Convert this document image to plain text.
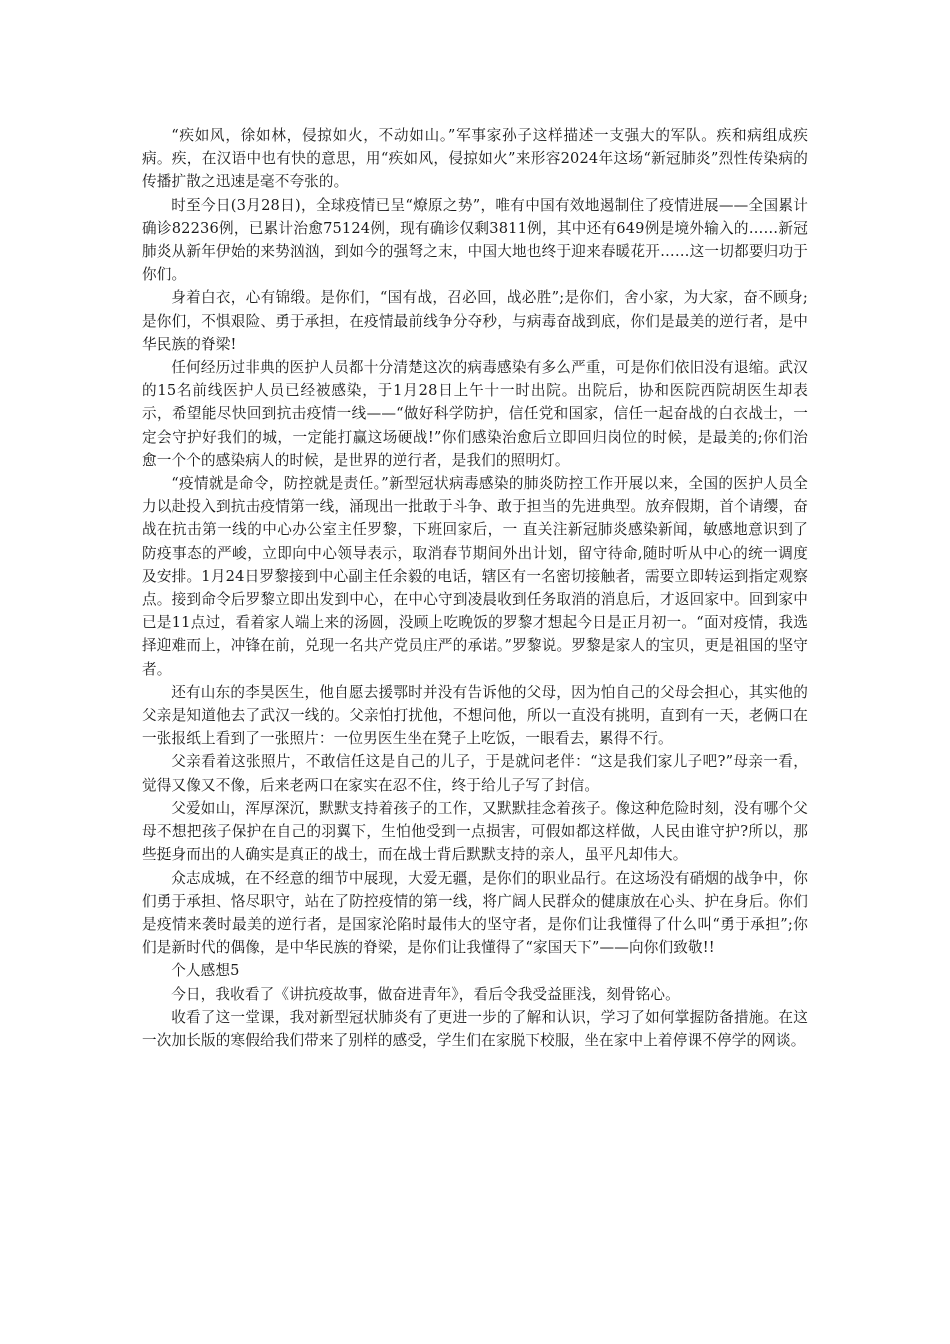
“疾如风，徐如林，侵掠如火，不动如山。”军事家孙子这样描述一支强大的军队。疾和病组成疾病。疾，在汉语中也有快的意思，用“疾如风，侵掠如火”来形容2024年这场“新冠肺炎”烈性传染病的传播扩散之迅速是毫不夸张的。

时至今日(3月28日)，全球疫情已呈“燎原之势”，唯有中国有效地遏制住了疫情进展——全国累计确诊82236例，已累计治愈75124例，现有确诊仅剩3811例，其中还有649例是境外输入的……新冠肺炎从新年伊始的来势汹汹，到如今的强弩之末，中国大地也终于迎来春暖花开……这一切都要归功于你们。

身着白衣，心有锦缎。是你们，“国有战，召必回，战必胜”;是你们，舍小家，为大家，奋不顾身;是你们，不惧艰险、勇于承担，在疫情最前线争分夺秒，与病毒奋战到底，你们是最美的逆行者，是中华民族的脊梁!

任何经历过非典的医护人员都十分清楚这次的病毒感染有多么严重，可是你们依旧没有退缩。武汉的15名前线医护人员已经被感染，于1月28日上午十一时出院。出院后，协和医院西院胡医生却表示，希望能尽快回到抗击疫情一线——“做好科学防护，信任党和国家，信任一起奋战的白衣战士，一定会守护好我们的城，一定能打赢这场硬战!”你们感染治愈后立即回归岗位的时候，是最美的;你们治愈一个个的感染病人的时候，是世界的逆行者，是我们的照明灯。

“疫情就是命令，防控就是责任。”新型冠状病毒感染的肺炎防控工作开展以来，全国的医护人员全力以赴投入到抗击疫情第一线，涌现出一批敢于斗争、敢于担当的先进典型。放弃假期，首个请缨，奋战在抗击第一线的中心办公室主任罗黎，下班回家后，一 直关注新冠肺炎感染新闻，敏感地意识到了防疫事态的严峻，立即向中心领导表示，取消春节期间外出计划，留守待命,随时听从中心的统一调度及安排。1月24日罗黎接到中心副主任余毅的电话，辖区有一名密切接触者，需要立即转运到指定观察点。接到命令后罗黎立即出发到中心，在中心守到凌晨收到任务取消的消息后，才返回家中。回到家中已是11点过，看着家人端上来的汤圆，没顾上吃晚饭的罗黎才想起今日是正月初一。“面对疫情，我选择迎难而上，冲锋在前，兑现一名共产党员庄严的承诺。”罗黎说。罗黎是家人的宝贝，更是祖国的坚守者。

还有山东的李昊医生，他自愿去援鄂时并没有告诉他的父母，因为怕自己的父母会担心，其实他的父亲是知道他去了武汉一线的。父亲怕打扰他，不想问他，所以一直没有挑明，直到有一天，老俩口在一张报纸上看到了一张照片：一位男医生坐在凳子上吃饭，一眼看去，累得不行。

父亲看着这张照片，不敢信任这是自己的儿子，于是就问老伴：“这是我们家儿子吧?”母亲一看，觉得又像又不像，后来老两口在家实在忍不住，终于给儿子写了封信。

父爱如山，浑厚深沉，默默支持着孩子的工作，又默默挂念着孩子。像这种危险时刻，没有哪个父母不想把孩子保护在自己的羽翼下，生怕他受到一点损害，可假如都这样做，人民由谁守护?所以，那些挺身而出的人确实是真正的战士，而在战士背后默默支持的亲人，虽平凡却伟大。

众志成城，在不经意的细节中展现，大爱无疆，是你们的职业品行。在这场没有硝烟的战争中，你们勇于承担、恪尽职守，站在了防控疫情的第一线，将广阔人民群众的健康放在心头、护在身后。你们是疫情来袭时最美的逆行者，是国家沦陷时最伟大的坚守者，是你们让我懂得了什么叫“勇于承担”;你们是新时代的偶像，是中华民族的脊梁，是你们让我懂得了“家国天下”——向你们致敬!!

个人感想5

今日，我收看了《讲抗疫故事，做奋进青年》，看后令我受益匪浅，刻骨铭心。

收看了这一堂课，我对新型冠状肺炎有了更进一步的了解和认识，学习了如何掌握防备措施。在这一次加长版的寒假给我们带来了别样的感受，学生们在家脱下校服，坐在家中上着停课不停学的网谈。
